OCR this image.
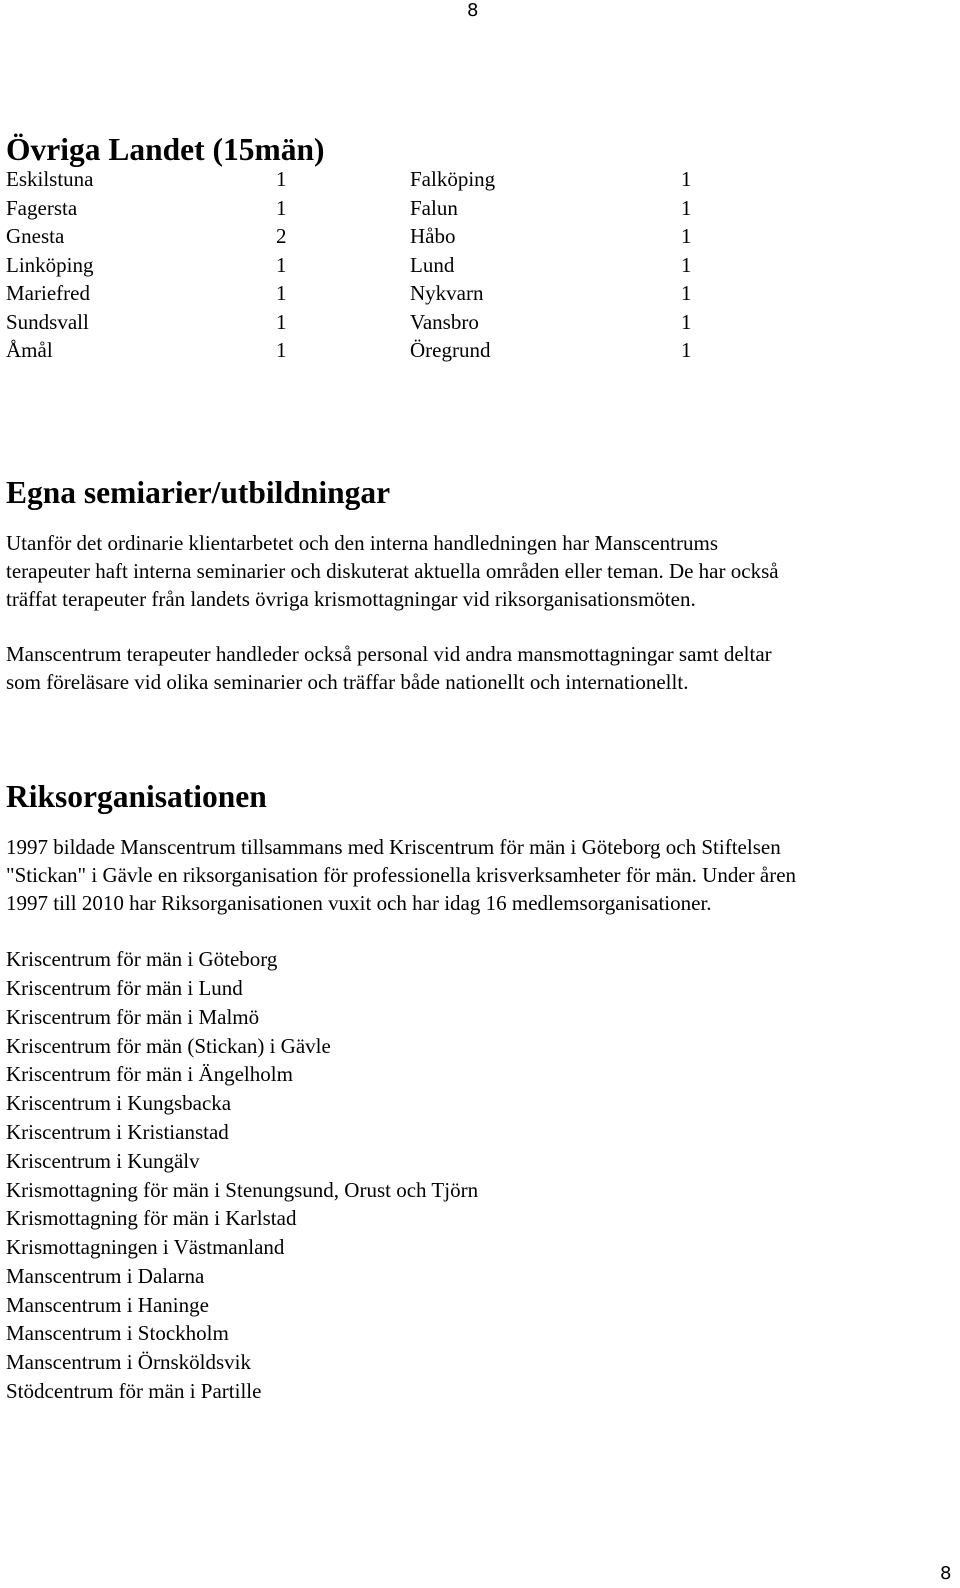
8
Övriga Landet (15män)
Eskilstuna	1	Falköping	1
Fagersta	1	Falun	1
Gnesta	2	Håbo	1
Linköping	1	Lund	1
Mariefred	1	Nykvarn	1
Sundsvall	1	Vansbro	1
Åmål	1	Öregrund	1
Egna semiarier/utbildningar

Utanför det ordinarie klientarbetet och den interna handledningen har Manscentrums
terapeuter haft interna seminarier och diskuterat aktuella områden eller teman. De har också
träffat terapeuter från landets övriga krismottagningar vid riksorganisationsmöten.

Manscentrum terapeuter handleder också personal vid andra mansmottagningar samt deltar
som föreläsare vid olika seminarier och träffar både nationellt och internationellt.

Riksorganisationen

1997 bildade Manscentrum tillsammans med Kriscentrum för män i Göteborg och Stiftelsen
"Stickan" i Gävle en riksorganisation för professionella krisverksamheter för män. Under åren
1997 till 2010 har Riksorganisationen vuxit och har idag 16 medlemsorganisationer.

Kriscentrum för män i Göteborg
Kriscentrum för män i Lund
Kriscentrum för män i Malmö
Kriscentrum för män (Stickan) i Gävle
Kriscentrum för män i Ängelholm
Kriscentrum i Kungsbacka
Kriscentrum i Kristianstad
Kriscentrum i Kungälv
Krismottagning för män i Stenungsund, Orust och Tjörn
Krismottagning för män i Karlstad
Krismottagningen i Västmanland
Manscentrum i Dalarna
Manscentrum i Haninge
Manscentrum i Stockholm
Manscentrum i Örnsköldsvik
Stödcentrum för män i Partille
8
